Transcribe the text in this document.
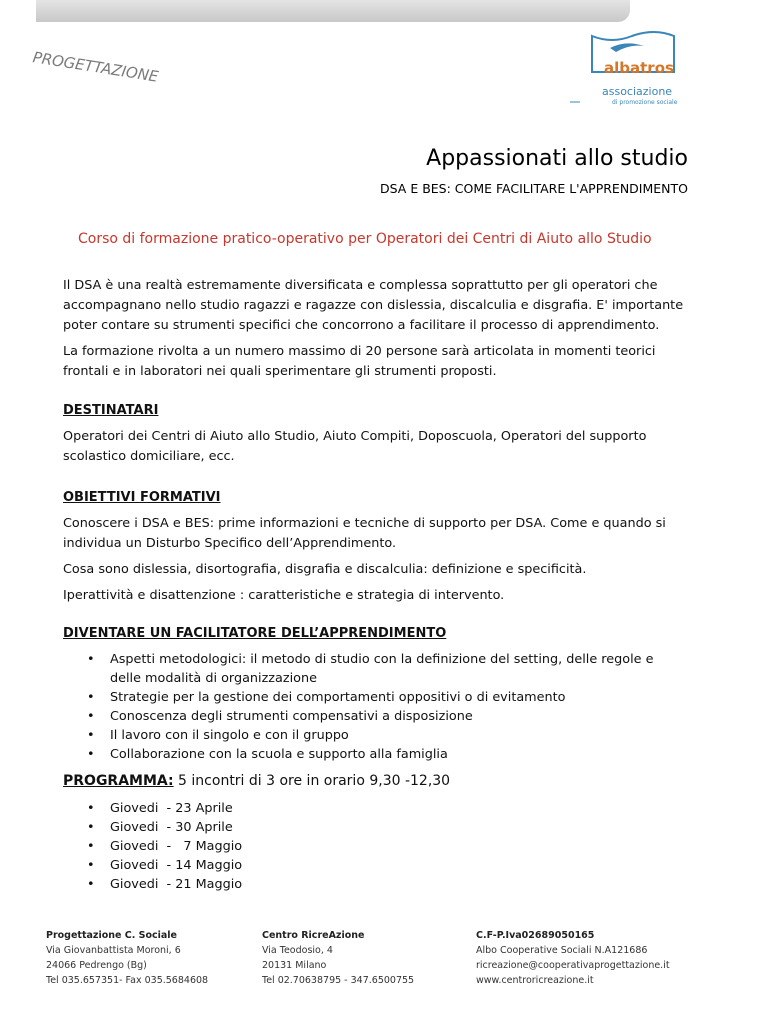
PROGETTAZIONE	albatros
associazione
di promozione sociale
Appassionati allo studio
DSA E BES: COME FACILITARE L'APPRENDIMENTO
Corso di formazione pratico-operativo per Operatori dei Centri di Aiuto allo Studio

Il DSA è una realtà estremamente diversificata e complessa soprattutto per gli operatori che accompagnano nello studio ragazzi e ragazze con dislessia, discalculia e disgrafia. E' importante poter contare su strumenti specifici che concorrono a facilitare il processo di apprendimento.

La formazione rivolta a un numero massimo di 20 persone sarà articolata in momenti teorici frontali e in laboratori nei quali sperimentare gli strumenti proposti.

DESTINATARI

Operatori dei Centri di Aiuto allo Studio, Aiuto Compiti, Doposcuola, Operatori del supporto scolastico domiciliare, ecc.

OBIETTIVI FORMATIVI

Conoscere i DSA e BES: prime informazioni e tecniche di supporto per DSA. Come e quando si individua un Disturbo Specifico dell’Apprendimento.

Cosa sono dislessia, disortografia, disgrafia e discalculia: definizione e specificità.

Iperattività e disattenzione : caratteristiche e strategia di intervento.

DIVENTARE UN FACILITATORE DELL’APPRENDIMENTO

• Aspetti metodologici: il metodo di studio con la definizione del setting, delle regole e delle modalità di organizzazione
• Strategie per la gestione dei comportamenti oppositivi o di evitamento
• Conoscenza degli strumenti compensativi a disposizione
• Il lavoro con il singolo e con il gruppo
• Collaborazione con la scuola e supporto alla famiglia

PROGRAMMA: 5 incontri di 3 ore in orario 9,30 -12,30

• Giovedi  - 23 Aprile
• Giovedi  - 30 Aprile
• Giovedi  -   7 Maggio
• Giovedi  - 14 Maggio
• Giovedi  - 21 Maggio
Progettazione C. Sociale
Via Giovanbattista Moroni, 6
24066 Pedrengo (Bg)
Tel 035.657351- Fax 035.5684608
Centro RicreAzione
Via Teodosio, 4
20131 Milano
Tel 02.70638795 - 347.6500755
C.F-P.Iva02689050165
Albo Cooperative Sociali N.A121686
ricreazione@cooperativaprogettazione.it
www.centroricreazione.it
